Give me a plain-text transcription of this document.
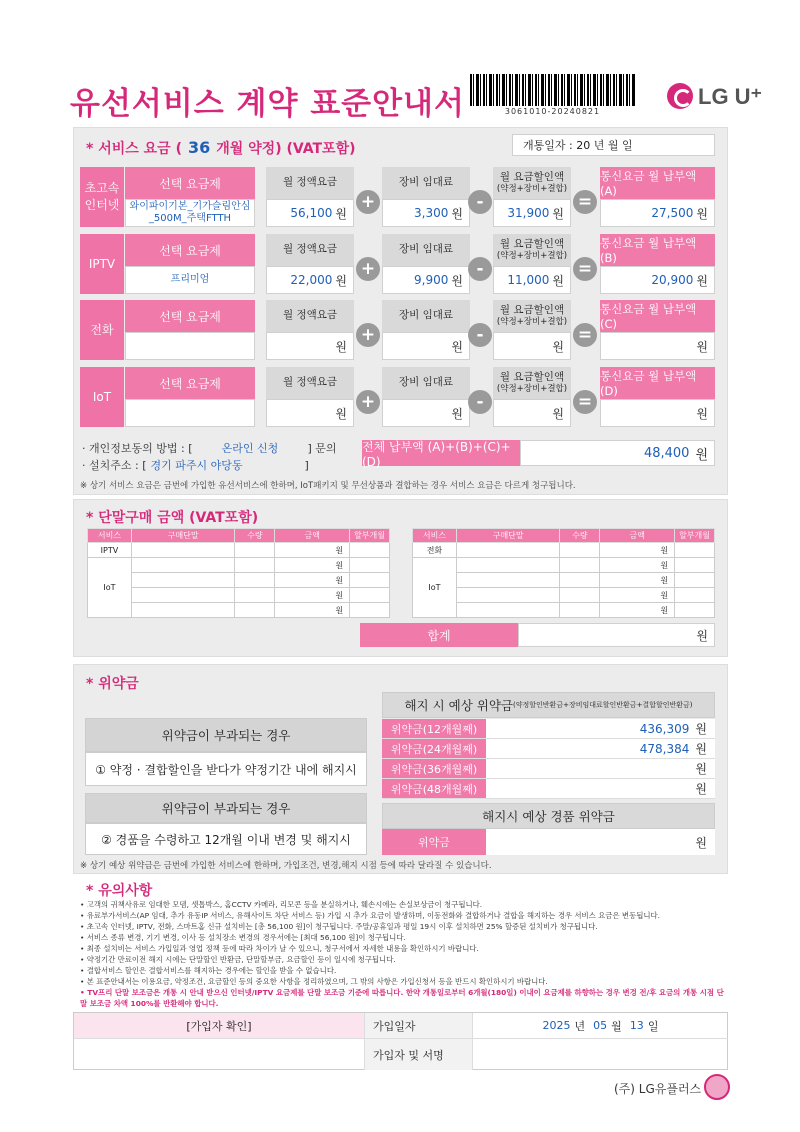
유선서비스 계약 표준안내서	3061010-20240821
LG U⁺
* 서비스 요금 ( 36 개월 약정) (VAT포함)	개통일자 : 20 년 월 일
초고속
인터넷
선택 요금제
와이파이기본_기가슬림안심_500M_주택FTTH
월 정액요금
56,100 원
+
장비 임대료
3,300 원
-
월 요금할인액
(약정+장비+결합)
31,900 원
=
통신요금 월 납부액 (A)
27,500 원
IPTV
선택 요금제
프리미엄
월 정액요금
22,000 원
+
장비 임대료
9,900 원
-
월 요금할인액
(약정+장비+결합)
11,000 원
=
통신요금 월 납부액 (B)
20,900 원
전화
선택 요금제	월 정액요금
원
+
장비 임대료
원
-
월 요금할인액
(약정+장비+결합)
원
=
통신요금 월 납부액 (C)
원
IoT
선택 요금제	월 정액요금
원
+
장비 임대료
원
-
월 요금할인액
(약정+장비+결합)
원
=
통신요금 월 납부액 (D)
원
· 개인정보동의 방법 : [	온라인 신청	] 문의
· 설치주소 : [ 경기 파주시 야당동	]
전체 납부액 (A)+(B)+(C)+(D)
48,400 원
※ 상기 서비스 요금은 금번에 가입한 유선서비스에 한하며, IoT패키지 및 무선상품과 결합하는 경우 서비스 요금은 다르게 청구됩니다.
* 단말구매 금액 (VAT포함)
서비스	구매단말	수량	금액	할부개월
IPTV			원	
IoT			원	
			원	
			원	
			원	
서비스	구매단말	수량	금액	할부개월
전화			원	
IoT			원	
			원	
			원	
			원	
합계	원
* 위약금
위약금이 부과되는 경우
① 약정 · 결합할인을 받다가 약정기간 내에 해지시
위약금이 부과되는 경우
② 경품을 수령하고 12개월 이내 변경 및 해지시
해지 시 예상 위약금 (약정할인반환금+장비임대료할인반환금+결합할인반환금)
위약금(12개월째)	436,309 원
위약금(24개월째)	478,384 원
위약금(36개월째)	원
위약금(48개월째)	원
해지시 예상 경품 위약금
위약금	원
※ 상기 예상 위약금은 금번에 가입한 서비스에 한하며, 가입조건, 변경,해지 시점 등에 따라 달라질 수 있습니다.
* 유의사항
• 고객의 귀책사유로 임대한 모뎀, 셋톱박스, 홈CCTV 카메라, 리모콘 등을 분실하거나, 훼손시에는 손실보상금이 청구됩니다.
• 유료부가서비스(AP 임대, 추가 유동IP 서비스, 유해사이트 차단 서비스 등) 가입 시 추가 요금이 발생하며, 이동전화와 결합하거나 결합을 해지하는 경우 서비스 요금은 변동됩니다.
• 초고속 인터넷, IPTV, 전화, 스마트홈 신규 설치비는 [총 56,100 원]이 청구됩니다. 주말/공휴일과 평일 19시 이후 설치하면 25% 할증된 설치비가 청구됩니다.
• 서비스 종류 변경, 기기 변경, 이사 등 설치장소 변경의 경우서에는 [최대 56,100 원]이 청구됩니다.
• 최종 설치비는 서비스 가입일과 영업 정책 등에 따라 차이가 날 수 있으니, 청구서에서 자세한 내용을 확인하시기 바랍니다.
• 약정기간 만료이전 해지 시에는 단말할인 반환금, 단말할부금, 요금할인 등이 일시에 청구됩니다.
• 결합서비스 할인은 결합서비스를 해지하는 경우에는 할인을 받을 수 없습니다.
• 본 표준안내서는 이용요금, 약정조건, 요금할인 등의 중요한 사항을 정리하였으며, 그 밖의 사항은 가입신청서 등을 반드시 확인하시기 바랍니다.
• TV프리 단말 보조금은 개통 시 안내 받으신 인터넷/IPTV 요금제를 단말 보조금 기준에 따릅니다. 한약 개통일로부터 6개월(180일) 이내이 요금제를 하향하는 경우 변경 전/후 요금의 개통 시점 단말 보조금 차액 100%를 반환해야 합니다.
[가입자 확인]	가입일자	2025 년 05 월 13 일
가입자 및 서명
(주) LG유플러스
